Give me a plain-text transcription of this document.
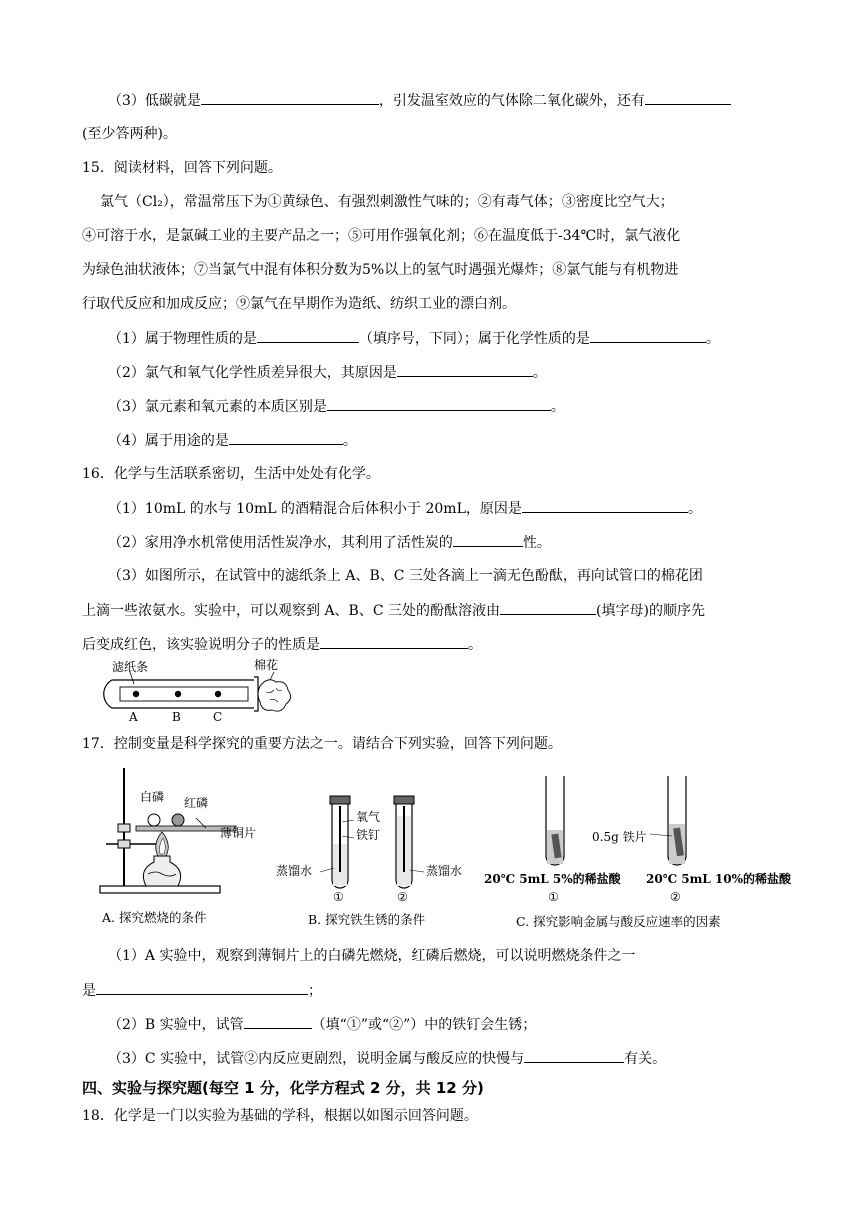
（3）低碳就是	，引发温室效应的气体除二氧化碳外，还有
(至少答两种)。
15．阅读材料，回答下列问题。
氯气（Cl₂），常温常压下为①黄绿色、有强烈刺激性气味的；②有毒气体；③密度比空气大；
④可溶于水，是氯碱工业的主要产品之一；⑤可用作强氧化剂；⑥在温度低于-34℃时，氯气液化
为绿色油状液体；⑦当氯气中混有体积分数为5%以上的氢气时遇强光爆炸；⑧氯气能与有机物进
行取代反应和加成反应；⑨氯气在早期作为造纸、纺织工业的漂白剂。
（1）属于物理性质的是	（填序号，下同）；属于化学性质的是	。
（2）氯气和氧气化学性质差异很大，其原因是	。
（3）氯元素和氧元素的本质区别是	。
（4）属于用途的是	。
16．化学与生活联系密切，生活中处处有化学。
（1）10mL 的水与 10mL 的酒精混合后体积小于 20mL，原因是	。
（2）家用净水机常使用活性炭净水，其利用了活性炭的	性。
（3）如图所示，在试管中的滤纸条上 A、B、C 三处各滴上一滴无色酚酞，再向试管口的棉花团
上滴一些浓氨水。实验中，可以观察到 A、B、C 三处的酚酞溶液由	(填字母)的顺序先
后变成红色，该实验说明分子的性质是	。
滤纸条	棉花
A	B	C
17．控制变量是科学探究的重要方法之一。请结合下列实验，回答下列问题。
白磷 红磷
薄铜片
A. 探究燃烧的条件
氧气
铁钉
蒸馏水	蒸馏水
①	②
B. 探究铁生锈的条件
0.5g 铁片
20℃ 5mL 5%的稀盐酸 20℃ 5mL 10%的稀盐酸
①	②
C. 探究影响金属与酸反应速率的因素
（1）A 实验中，观察到薄铜片上的白磷先燃烧，红磷后燃烧，可以说明燃烧条件之一
是	；
（2）B 实验中，试管	（填“①”或“②”）中的铁钉会生锈；
（3）C 实验中，试管②内反应更剧烈，说明金属与酸反应的快慢与	有关。
四、实验与探究题(每空 1 分，化学方程式 2 分，共 12 分)
18．化学是一门以实验为基础的学科，根据以如图示回答问题。
